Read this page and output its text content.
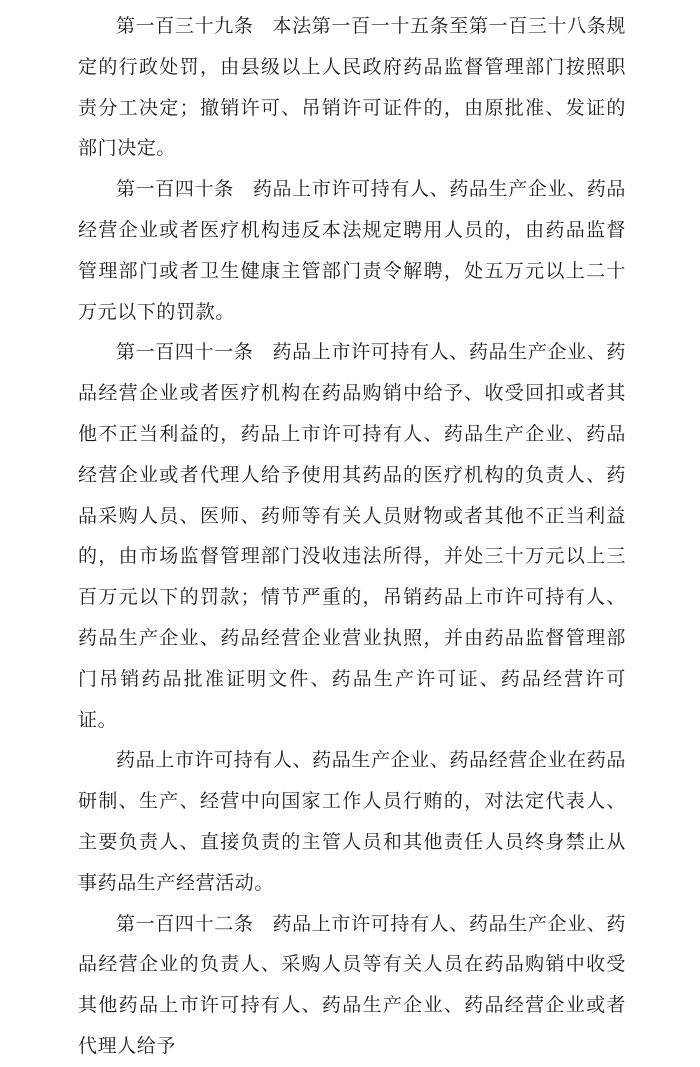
第一百三十九条 本法第一百一十五条至第一百三十八条规定的行政处罚，由县级以上人民政府药品监督管理部门按照职责分工决定；撤销许可、吊销许可证件的，由原批准、发证的部门决定。

第一百四十条 药品上市许可持有人、药品生产企业、药品经营企业或者医疗机构违反本法规定聘用人员的，由药品监督管理部门或者卫生健康主管部门责令解聘，处五万元以上二十万元以下的罚款。

第一百四十一条 药品上市许可持有人、药品生产企业、药品经营企业或者医疗机构在药品购销中给予、收受回扣或者其他不正当利益的，药品上市许可持有人、药品生产企业、药品经营企业或者代理人给予使用其药品的医疗机构的负责人、药品采购人员、医师、药师等有关人员财物或者其他不正当利益的，由市场监督管理部门没收违法所得，并处三十万元以上三百万元以下的罚款；情节严重的，吊销药品上市许可持有人、药品生产企业、药品经营企业营业执照，并由药品监督管理部门吊销药品批准证明文件、药品生产许可证、药品经营许可证。

药品上市许可持有人、药品生产企业、药品经营企业在药品研制、生产、经营中向国家工作人员行贿的，对法定代表人、主要负责人、直接负责的主管人员和其他责任人员终身禁止从事药品生产经营活动。

第一百四十二条 药品上市许可持有人、药品生产企业、药品经营企业的负责人、采购人员等有关人员在药品购销中收受其他药品上市许可持有人、药品生产企业、药品经营企业或者代理人给予
